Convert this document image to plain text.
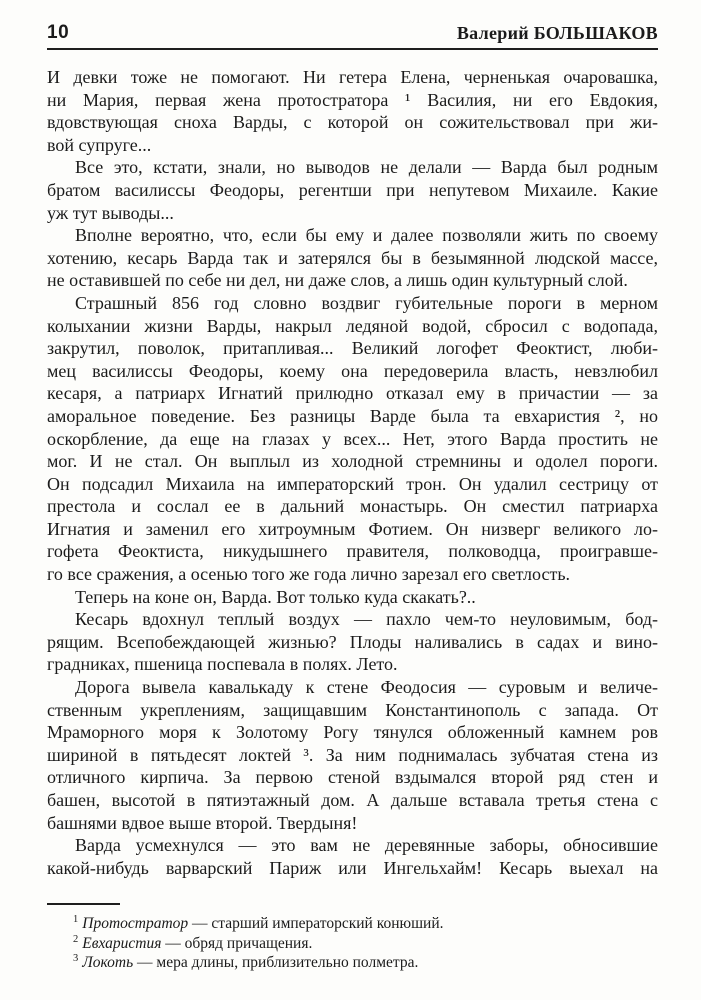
10	Валерий БОЛЬШАКОВ
И девки тоже не помогают. Ни гетера Елена, черненькая очаровашка,
ни Мария, первая жена протостратора ¹ Василия, ни его Евдокия,
вдовствующая сноха Варды, с которой он сожительствовал при жи-
вой супруге...
Все это, кстати, знали, но выводов не делали — Варда был родным
братом василиссы Феодоры, регентши при непутевом Михаиле. Какие
уж тут выводы...
Вполне вероятно, что, если бы ему и далее позволяли жить по своему
хотению, кесарь Варда так и затерялся бы в безымянной людской массе,
не оставившей по себе ни дел, ни даже слов, а лишь один культурный слой.
Страшный 856 год словно воздвиг губительные пороги в мерном
колыхании жизни Варды, накрыл ледяной водой, сбросил с водопада,
закрутил, поволок, притапливая... Великий логофет Феоктист, люби-
мец василиссы Феодоры, коему она передоверила власть, невзлюбил
кесаря, а патриарх Игнатий прилюдно отказал ему в причастии — за
аморальное поведение. Без разницы Варде была та евхаристия ², но
оскорбление, да еще на глазах у всех... Нет, этого Варда простить не
мог. И не стал. Он выплыл из холодной стремнины и одолел пороги.
Он подсадил Михаила на императорский трон. Он удалил сестрицу от
престола и сослал ее в дальний монастырь. Он сместил патриарха
Игнатия и заменил его хитроумным Фотием. Он низверг великого ло-
гофета Феоктиста, никудышнего правителя, полководца, проигравше-
го все сражения, а осенью того же года лично зарезал его светлость.
Теперь на коне он, Варда. Вот только куда скакать?..
Кесарь вдохнул теплый воздух — пахло чем-то неуловимым, бод-
рящим. Всепобеждающей жизнью? Плоды наливались в садах и вино-
градниках, пшеница поспевала в полях. Лето.
Дорога вывела кавалькаду к стене Феодосия — суровым и величе-
ственным укреплениям, защищавшим Константинополь с запада. От
Мраморного моря к Золотому Рогу тянулся обложенный камнем ров
шириной в пятьдесят локтей ³. За ним поднималась зубчатая стена из
отличного кирпича. За первою стеной вздымался второй ряд стен и
башен, высотой в пятиэтажный дом. А дальше вставала третья стена с
башнями вдвое выше второй. Твердыня!
Варда усмехнулся — это вам не деревянные заборы, обносившие
какой-нибудь варварский Париж или Ингельхайм! Кесарь выехал на
$^1$ Протостратор — старший императорский конюший.
$^2$ Евхаристия — обряд причащения.
$^3$ Локоть — мера длины, приблизительно полметра.
